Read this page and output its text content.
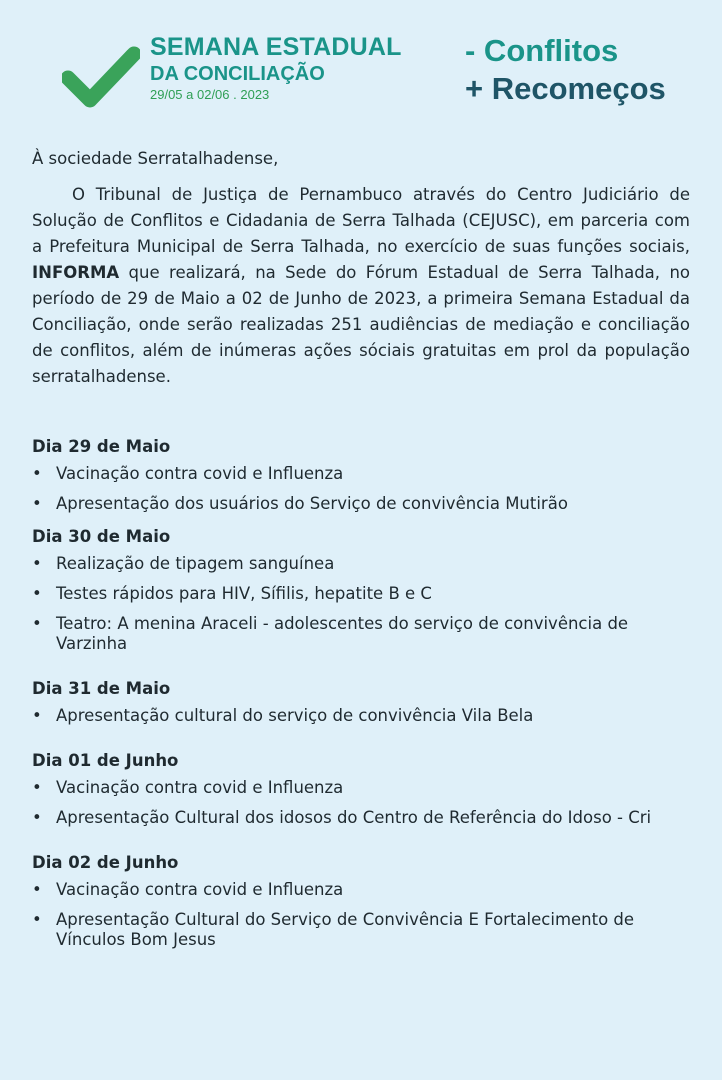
SEMANA ESTADUAL
DA CONCILIAÇÃO
29/05 a 02/06 . 2023
- Conflitos
+ Recomeços

À sociedade Serratalhadense,

O Tribunal de Justiça de Pernambuco através do Centro Judiciário de Solução de Conflitos e Cidadania de Serra Talhada (CEJUSC), em parceria com a Prefeitura Municipal de Serra Talhada, no exercício de suas funções sociais, INFORMA que realizará, na Sede do Fórum Estadual de Serra Talhada, no período de 29 de Maio a 02 de Junho de 2023, a primeira Semana Estadual da Conciliação, onde serão realizadas 251 audiências de mediação e conciliação de conflitos, além de inúmeras ações sóciais gratuitas em prol da população serratalhadense.

Dia 29 de Maio
• Vacinação contra covid e Influenza
• Apresentação dos usuários do Serviço de convivência Mutirão
Dia 30 de Maio
• Realização de tipagem sanguínea
• Testes rápidos para HIV, Sífilis, hepatite B e C
• Teatro: A menina Araceli - adolescentes do serviço de convivência de Varzinha
Dia 31 de Maio
• Apresentação cultural do serviço de convivência Vila Bela
Dia 01 de Junho
• Vacinação contra covid e Influenza
• Apresentação Cultural dos idosos do Centro de Referência do Idoso - Cri
Dia 02 de Junho
• Vacinação contra covid e Influenza
• Apresentação Cultural do Serviço de Convivência E Fortalecimento de Vínculos Bom Jesus
